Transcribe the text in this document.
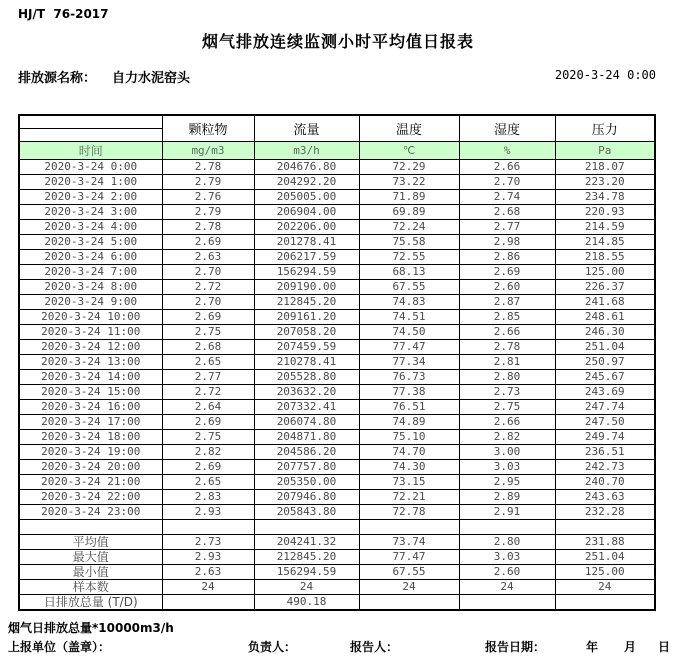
HJ/T  76-2017
烟气排放连续监测小时平均值日报表
排放源名称： 自力水泥窑头	2020-3-24 0:00
	颗粒物	流量	温度	湿度	压力

时间	mg/m3	m3/h	℃	%	Pa
2020-3-24 0:00	2.78	204676.80	72.29	2.66	218.07
2020-3-24 1:00	2.79	204292.20	73.22	2.70	223.20
2020-3-24 2:00	2.76	205005.00	71.89	2.74	234.78
2020-3-24 3:00	2.79	206904.00	69.89	2.68	220.93
2020-3-24 4:00	2.78	202206.00	72.24	2.77	214.59
2020-3-24 5:00	2.69	201278.41	75.58	2.98	214.85
2020-3-24 6:00	2.63	206217.59	72.55	2.86	218.55
2020-3-24 7:00	2.70	156294.59	68.13	2.69	125.00
2020-3-24 8:00	2.72	209190.00	67.55	2.60	226.37
2020-3-24 9:00	2.70	212845.20	74.83	2.87	241.68
2020-3-24 10:00	2.69	209161.20	74.51	2.85	248.61
2020-3-24 11:00	2.75	207058.20	74.50	2.66	246.30
2020-3-24 12:00	2.68	207459.59	77.47	2.78	251.04
2020-3-24 13:00	2.65	210278.41	77.34	2.81	250.97
2020-3-24 14:00	2.77	205528.80	76.73	2.80	245.67
2020-3-24 15:00	2.72	203632.20	77.38	2.73	243.69
2020-3-24 16:00	2.64	207332.41	76.51	2.75	247.74
2020-3-24 17:00	2.69	206074.80	74.89	2.66	247.50
2020-3-24 18:00	2.75	204871.80	75.10	2.82	249.74
2020-3-24 19:00	2.82	204586.20	74.70	3.00	236.51
2020-3-24 20:00	2.69	207757.80	74.30	3.03	242.73
2020-3-24 21:00	2.65	205350.00	73.15	2.95	240.70
2020-3-24 22:00	2.83	207946.80	72.21	2.89	243.63
2020-3-24 23:00	2.93	205843.80	72.78	2.91	232.28

平均值	2.73	204241.32	73.74	2.80	231.88
最大值	2.93	212845.20	77.47	3.03	251.04
最小值	2.63	156294.59	67.55	2.60	125.00
样本数	24	24	24	24	24
日排放总量 (T/D)		490.18			
烟气日排放总量*10000m3/h
上报单位（盖章）：	负责人：	报告人：	报告日期：	年 月 日
